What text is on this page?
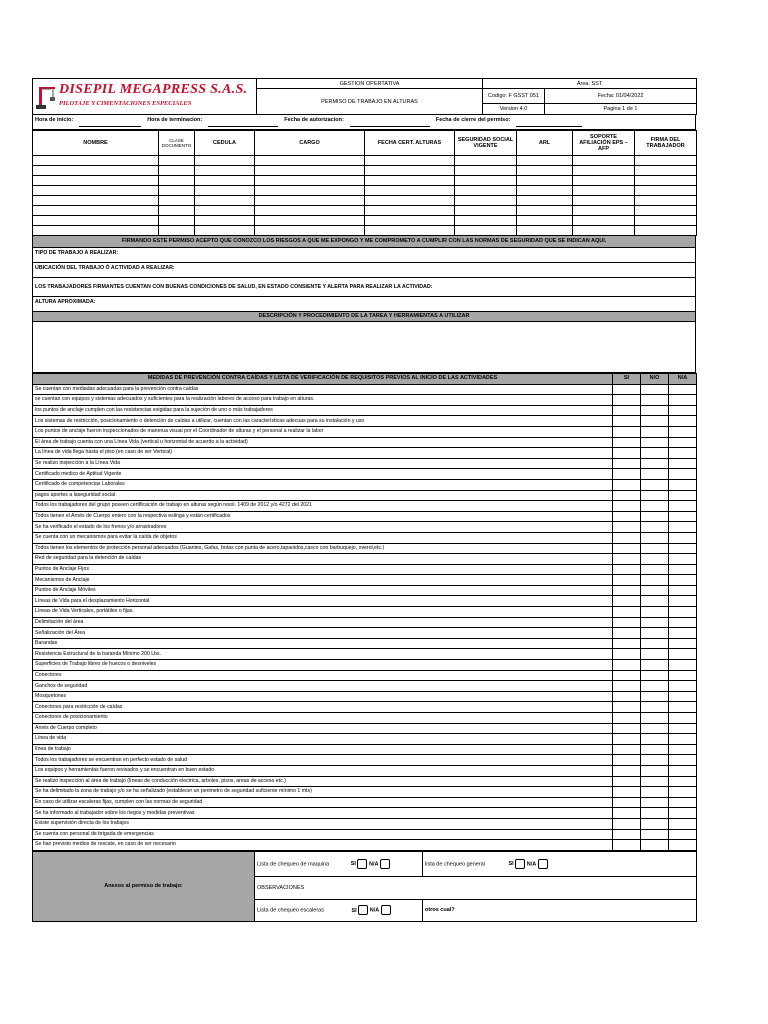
DISEPIL MEGAPRESS S.A.S.
PILOTAJE Y CIMENTACIONES ESPECIALES	GESTION OPERTATIVA	Área: SST	
	PERMISO DE TRABAJO EN ALTURAS	Codigo: F GSST 051	Fecha: 01/04/2022
		Version 4.0	Pagina 1 de 1
Hora de inicio:	Hora de terminacion:	Fecha de autorizacion:	Fecha de cierre del permiso:
NOMBRE	CLASE DOCUMENTO	CEDULA	CARGO	FECHA CERT. ALTURAS	SEGURIDAD SOCIAL VIGENTE	ARL	SOPORTE AFILIACIÓN EPS – AFP	FIRMA DEL TRABAJADOR

FIRMANDO ESTE PERMISO ACEPTO QUE CONOZCO LOS RIESGOS A QUE ME EXPONGO Y ME COMPROMETO A CUMPLIR CON LAS NORMAS DE SEGURIDAD QUE SE INDICAN AQUI.
TIPO DE TRABAJO A REALIZAR:
UBICACIÓN DEL TRABAJO Ó ACTIVIDAD A REALIZAR:
LOS TRABAJADORES FIRMANTES CUENTAN CON BUENAS CONDICIONES DE SALUD, EN ESTADO CONSIENTE Y ALERTA PARA REALIZAR LA ACTIVIDAD:
ALTURA APROXIMADA:
DESCRIPCIÓN Y PROCEDIMIENTO DE LA TAREA Y HERRAMIENTAS A UTILIZAR
MEDIDAS DE PREVENCIÓN CONTRA CAÍDAS Y LISTA DE VERIFICACIÓN DE REQUISITOS PREVIOS AL INICIO DE LAS ACTIVIDADES	SI	N/O	N/A
Se cuentan con mediadas adecuadas para la prevención contra caídas			
se cuentan con equipos y sistemas adecuados y suficientes para la realización labores de acceso para trabajo en alturas.			
los puntos de anclaje cumplen con las resistencias exigidas para la sujeción de uno o más trabajadores			
Los sistemas de restricción, posicionamiento o detención de caídas a utilizar, cuentan con las características adecuas para su instalación y uso			
Los puntos de anclaje fueron inspeccionados de manerua visual por el Coordinador de alturas y el personal a realizar la labor			
El área de trabajo cuenta con una Línea Vida (vertical u horizontal de acuerdo a la actividad)			
La línea de vida llega hasta el piso (en caso de ser Vertical)			
Se realizo inspección a la Línea Vida			
Certificado medico de Aptitud Vigente			
Certificado de competencias Laborales			
pagos aportes a laseguridad social			
Todos los trabajadores del grupo poseen certificación de trabajo en alturas según resol. 1409 de 2012 y/o 4272 del 2021			
Todos tienen el Arnés de Cuerpo entero con la respectiva eslinga y están certificados			
Se ha verificado el estado de los frenos y/o arrastradores			
Se cuenta con un mecanismos para evitar la caída de objetos			
Todos tienen los elementos de protección personal adecuados (Guantes, Gafas, botas con punta de acero,tapaoidos,casco con barbuquejo, overol,etc.)			
Red de seguridad para la detención de caídas			
Puntos de Anclaje Fijos			
Mecanismos de Anclaje			
Puntos de Anclaje Móviles			
Líneas de Vida para el desplazamiento Horizontal			
Líneas de Vida Verticales, portátiles o fijas.			
Delimitación del área			
Señalización del Área			
Barandas			
Resistencia Estructural de la baranda Mínimo 200 Lbs.			
Superficies de Trabajo libres de huecos o desniveles			
Conectores			
Ganchos de seguridad			
Mosquetones			
Conectores para restricción de caídas			
Conectores de posicionamiento			
Arnés de Cuerpo completo			
Línea de vida			
línea de trabajo			
Todos los trabajadores se encuentran en perfecto estado de salud			
Los equipos y herramientas fueron revisados y se encuentran en buen estado			
Se realizo inspección al área de trabajo (líneas de conducción electrica, arboles, pisos, areas de acceso etc.)			
Se ha delimitado la zona de trabajo y/o se ha señalizado (establecer un perimetro de seguridad suficiente mínimo 1 mts)			
En caso de utilizar escaleras fijas, cumplen con las normas de seguridad			
Se ha informado al trabajador sobre los riegos y medidas preventivas			
Existe supervisión directa de los trabajos			
Se cuenta con personal de brigada de emergencias			
Se han previsto medios de rescate, en caso de ser necesario			
Anexos al permiso de trabajo:	Lista de chequeo de maquina SI N/A	lista de chequeo general SI N/A
	OBSERVACIONES	
	Lista de chequeo escaleras SI N/A	otros cual?
